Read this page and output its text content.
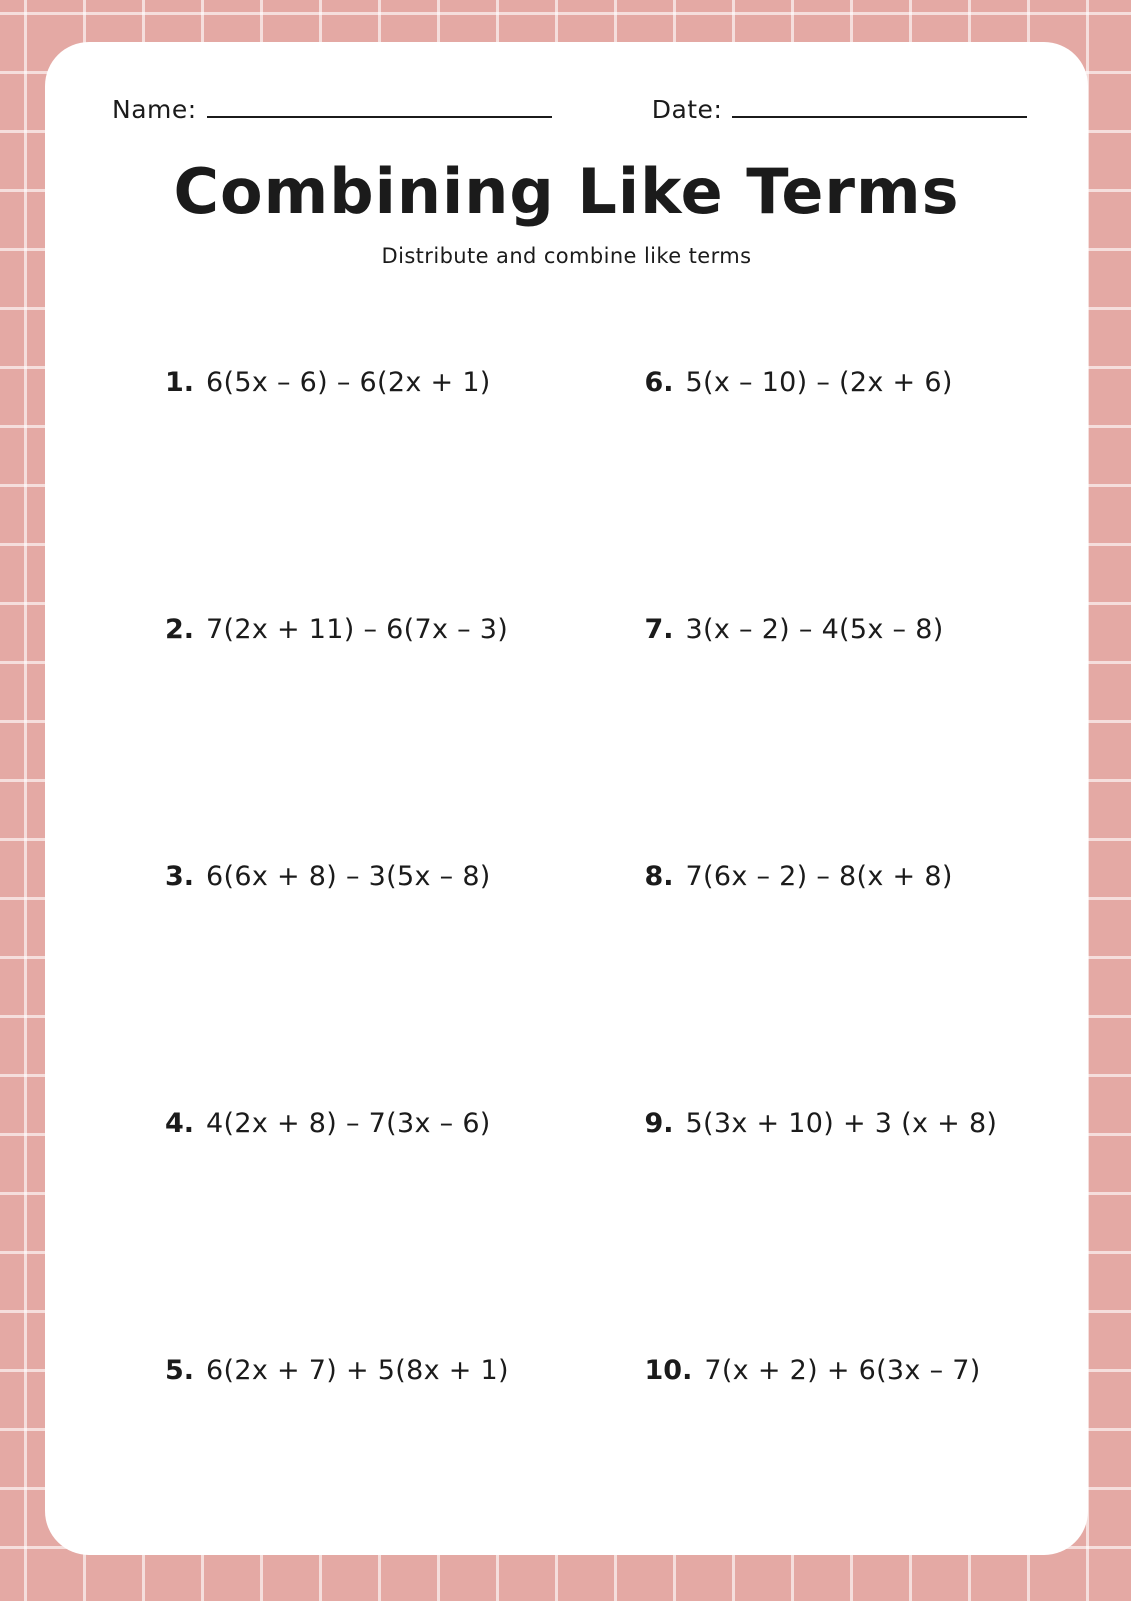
Name:	Date:
Combining Like Terms
Distribute and combine like terms
1. 6(5x – 6) – 6(2x + 1)
2. 7(2x + 11) – 6(7x – 3)
3. 6(6x + 8) – 3(5x – 8)
4. 4(2x + 8) – 7(3x – 6)
5. 6(2x + 7) + 5(8x + 1)
6. 5(x – 10) – (2x + 6)
7. 3(x – 2) – 4(5x – 8)
8. 7(6x – 2) – 8(x + 8)
9. 5(3x + 10) + 3 (x + 8)
10. 7(x + 2) + 6(3x – 7)
